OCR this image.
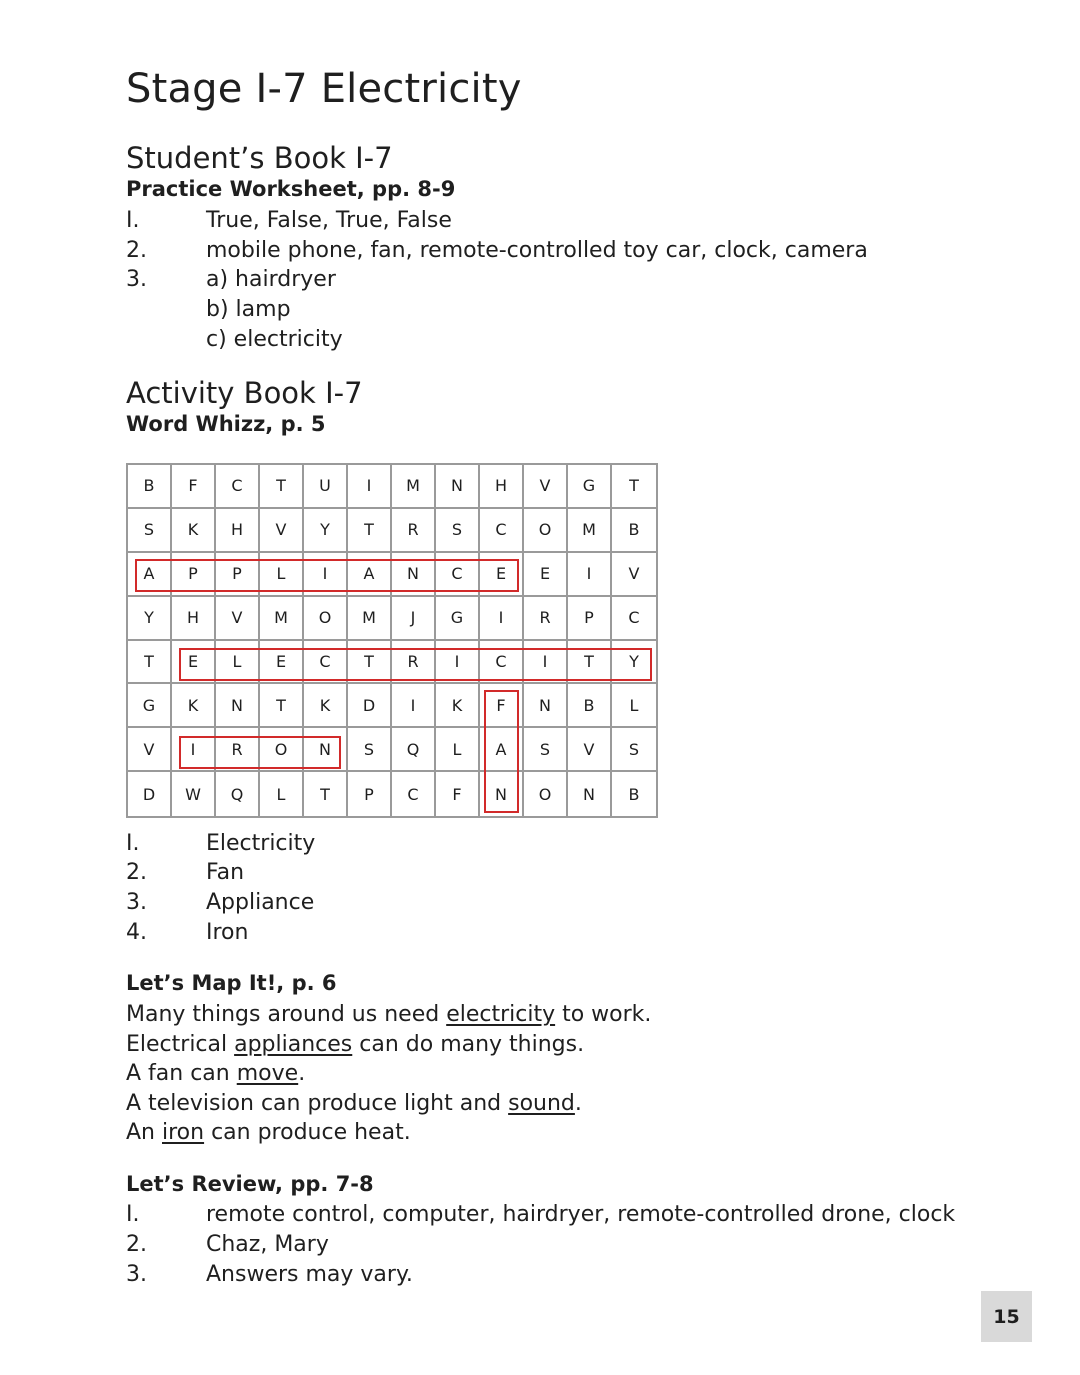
Stage I-7 Electricity
Student’s Book I-7
Practice Worksheet, pp. 8-9
I.	True, False, True, False
2.	mobile phone, fan, remote-controlled toy car, clock, camera
3.	a) hairdryer
b) lamp
c) electricity
Activity Book I-7
Word Whizz, p. 5
I.	Electricity
2.	Fan
3.	Appliance
4.	Iron
Let’s Map It!, p. 6
Many things around us need electricity to work.
Electrical appliances can do many things.
A fan can move.
A television can produce light and sound.
An iron can produce heat.
Let’s Review, pp. 7-8
I.	remote control, computer, hairdryer, remote-controlled drone, clock
2.	Chaz, Mary
3.	Answers may vary.
B	F	C	T	U	I	M	N	H	V	G	T
S	K	H	V	Y	T	R	S	C	O	M	B
A	P	P	L	I	A	N	C	E	E	I	V
Y	H	V	M	O	M	J	G	I	R	P	C
T	E	L	E	C	T	R	I	C	I	T	Y
G	K	N	T	K	D	I	K	F	N	B	L
V	I	R	O	N	S	Q	L	A	S	V	S
D	W	Q	L	T	P	C	F	N	O	N	B
15
